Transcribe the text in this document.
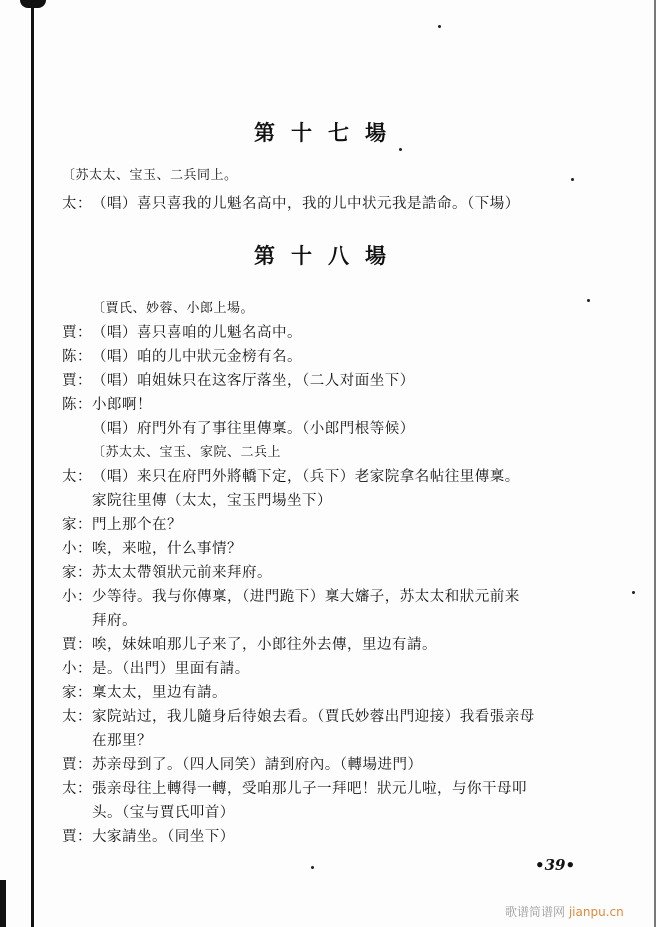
第十七場
〔苏太太、宝玉、二兵同上。
太：（唱）喜只喜我的儿魁名高中，我的儿中状元我是誥命。（下場）
第十八場
〔賈氏、妙蓉、小郎上場。
賈：（唱）喜只喜咱的儿魁名高中。
陈：（唱）咱的儿中狀元金榜有名。
賈：（唱）咱姐妹只在这客厅落坐，（二人对面坐下）
陈：小郎啊！
（唱）府門外有了事往里傳稟。（小郎門根等候）
〔苏太太、宝玉、家院、二兵上
太：（唱）来只在府門外將轎下定，（兵下）老家院拿名帖往里傳稟。
家院往里傳（太太，宝玉門場坐下）
家：門上那个在？
小：唉，来啦，什么事情？
家：苏太太帶領狀元前来拜府。
小：少等待。我与你傳稟，（进門跪下）稟大嬸子，苏太太和狀元前来
拜府。
賈：唉，妹妹咱那儿子来了，小郎往外去傳，里边有請。
小：是。（出門）里面有請。
家：稟太太，里边有請。
太：家院站过，我儿隨身后待娘去看。（賈氏妙蓉出門迎接）我看張亲母
在那里？
賈：苏亲母到了。（四人同笑）請到府內。（轉場进門）
太：張亲母往上轉得一轉，受咱那儿子一拜吧！狀元儿啦，与你干母叩
头。（宝与賈氏叩首）
賈：大家請坐。（同坐下）
•39•
歌谱简谱网 jianpu.cn
